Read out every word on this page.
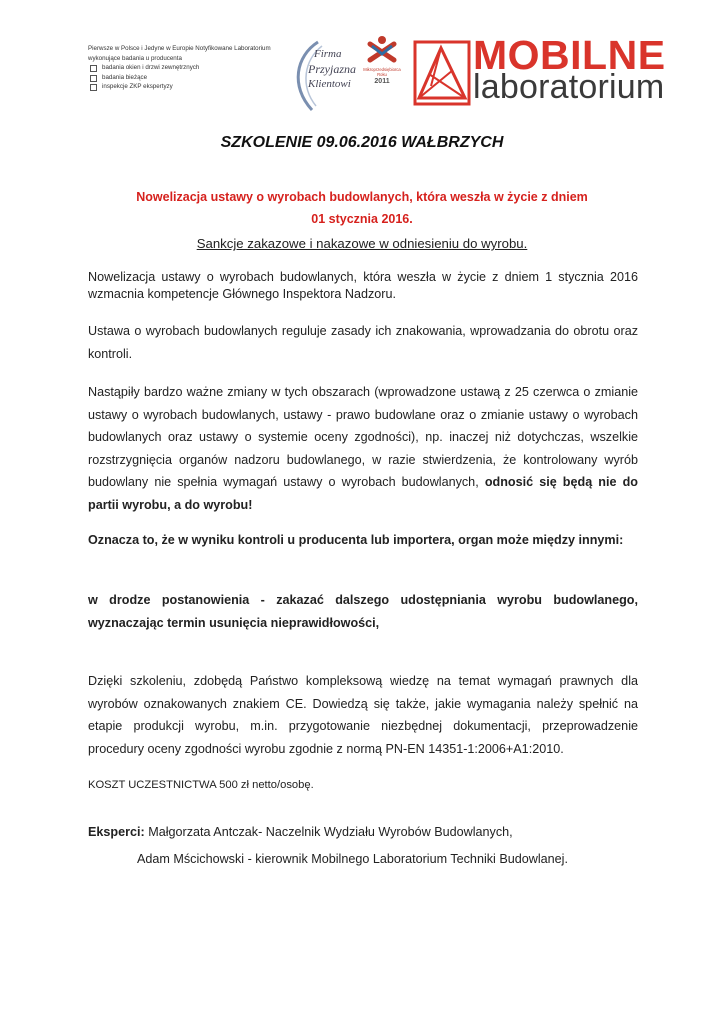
Pierwsze w Polsce i Jedyne w Europie Notyfikowane Laboratorium
wykonujące badania u producenta
badania okien i drzwi zewnętrznych
badania bieżące
inspekcje ZKP ekspertyzy
Firma
Przyjazna
Klientowi
Mikroprzedsiębiorca Roku
2011
MOBILNE
laboratorium
SZKOLENIE 09.06.2016 WAŁBRZYCH
Nowelizacja ustawy o wyrobach budowlanych, która weszła w życie z dniem
01 stycznia 2016.
Sankcje zakazowe i nakazowe w odniesieniu do wyrobu.
Nowelizacja ustawy o wyrobach budowlanych, która weszła w życie z dniem 1 stycznia 2016 wzmacnia kompetencje Głównego Inspektora Nadzoru.
Ustawa o wyrobach budowlanych reguluje zasady ich znakowania, wprowadzania do obrotu oraz kontroli.
Nastąpiły bardzo ważne zmiany w tych obszarach (wprowadzone ustawą z 25 czerwca o zmianie ustawy o wyrobach budowlanych, ustawy - prawo budowlane oraz o zmianie ustawy o wyrobach budowlanych oraz ustawy o systemie oceny zgodności), np. inaczej niż dotychczas, wszelkie rozstrzygnięcia organów nadzoru budowlanego, w razie stwierdzenia, że kontrolowany wyrób budowlany nie spełnia wymagań ustawy o wyrobach budowlanych, odnosić się będą nie do partii wyrobu, a do wyrobu!
Oznacza to, że w wyniku kontroli u producenta lub importera, organ może między innymi:
w drodze postanowienia - zakazać dalszego udostępniania wyrobu budowlanego, wyznaczając termin usunięcia nieprawidłowości,
Dzięki szkoleniu, zdobędą Państwo kompleksową wiedzę na temat wymagań prawnych dla wyrobów oznakowanych znakiem CE. Dowiedzą się także, jakie wymagania należy spełnić na etapie produkcji wyrobu, m.in. przygotowanie niezbędnej dokumentacji, przeprowadzenie procedury oceny zgodności wyrobu zgodnie z normą PN-EN 14351-1:2006+A1:2010.
KOSZT UCZESTNICTWA 500 zł netto/osobę.
Eksperci: Małgorzata Antczak- Naczelnik Wydziału Wyrobów Budowlanych,
Adam Mścichowski - kierownik Mobilnego Laboratorium Techniki Budowlanej.
